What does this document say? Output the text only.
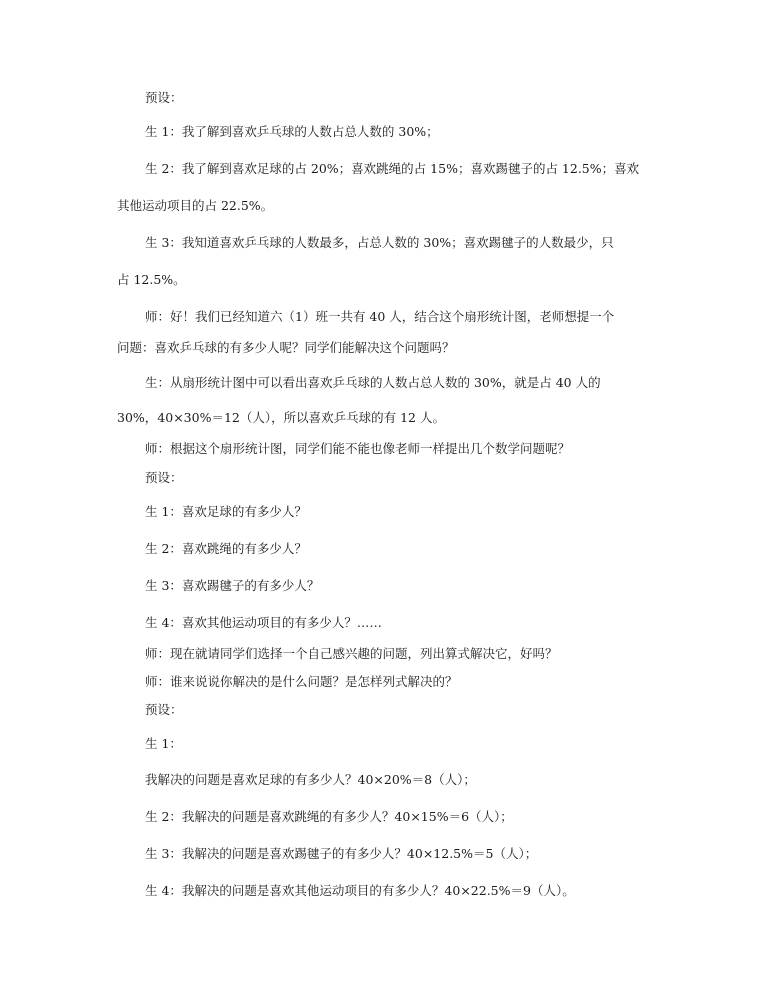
预设：
生 1：我了解到喜欢乒乓球的人数占总人数的 30%；
生 2：我了解到喜欢足球的占 20%；喜欢跳绳的占 15%；喜欢踢毽子的占 12.5%；喜欢
其他运动项目的占 22.5%。
生 3：我知道喜欢乒乓球的人数最多，占总人数的 30%；喜欢踢毽子的人数最少，只
占 12.5%。
师：好！我们已经知道六（1）班一共有 40 人，结合这个扇形统计图，老师想提一个
问题：喜欢乒乓球的有多少人呢？同学们能解决这个问题吗？
生：从扇形统计图中可以看出喜欢乒乓球的人数占总人数的 30%，就是占 40 人的
30%，40×30%＝12（人），所以喜欢乒乓球的有 12 人。
师：根据这个扇形统计图，同学们能不能也像老师一样提出几个数学问题呢？
预设：
生 1：喜欢足球的有多少人？
生 2：喜欢跳绳的有多少人？
生 3：喜欢踢毽子的有多少人？
生 4：喜欢其他运动项目的有多少人？……
师：现在就请同学们选择一个自己感兴趣的问题，列出算式解决它，好吗？
师：谁来说说你解决的是什么问题？是怎样列式解决的？
预设：
生 1：
我解决的问题是喜欢足球的有多少人？40×20%＝8（人）；
生 2：我解决的问题是喜欢跳绳的有多少人？40×15%＝6（人）；
生 3：我解决的问题是喜欢踢毽子的有多少人？40×12.5%＝5（人）；
生 4：我解决的问题是喜欢其他运动项目的有多少人？40×22.5%＝9（人）。
